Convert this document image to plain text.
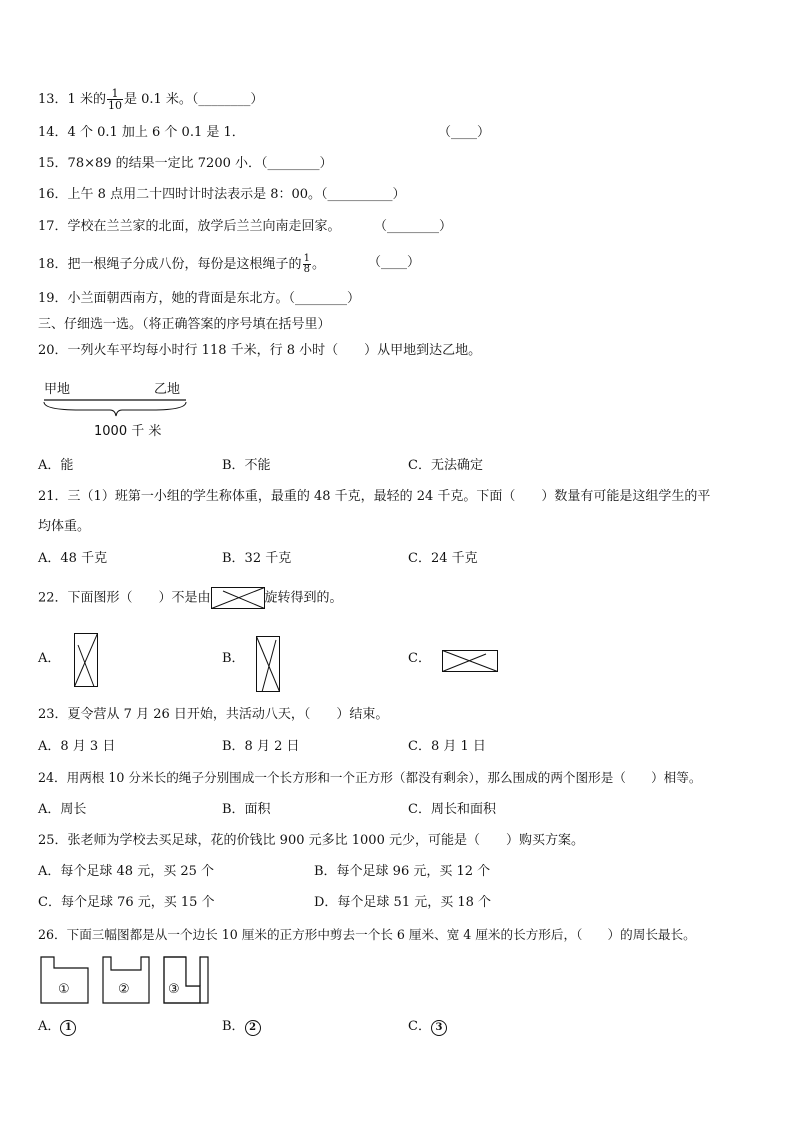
13．1 米的 $\frac{1}{10}$ 是 0.1 米。（________）
14．4 个 0.1 加上 6 个 0.1 是 1．	（____）
15．78×89 的结果一定比 7200 小．（________）
16．上午 8 点用二十四时计时法表示是 8：00。（__________）
17．学校在兰兰家的北面，放学后兰兰向南走回家。	（________）
18．把一根绳子分成八份，每份是这根绳子的 $\frac{1}{8}$ 。	（____）
19．小兰面朝西南方，她的背面是东北方。（________）
三、仔细选一选。（将正确答案的序号填在括号里）
20．一列火车平均每小时行 118 千米，行 8 小时（　　）从甲地到达乙地。
甲地	乙地
1000 千 米
A．能	B．不能	C．无法确定
21．三（1）班第一小组的学生称体重，最重的 48 千克，最轻的 24 千克。下面（　　）数量有可能是这组学生的平
均体重。
A．48 千克	B．32 千克	C．24 千克
22．下面图形（　　）不是由	旋转得到的。
A．	B．	C．
23．夏令营从 7 月 26 日开始，共活动八天，（　　）结束。
A．8 月 3 日	B．8 月 2 日	C．8 月 1 日
24．用两根 10 分米长的绳子分别围成一个长方形和一个正方形（都没有剩余），那么围成的两个图形是（　　）相等。
A．周长	B．面积	C．周长和面积
25．张老师为学校去买足球，花的价钱比 900 元多比 1000 元少，可能是（　　）购买方案。
A．每个足球 48 元，买 25 个	B．每个足球 96 元，买 12 个
C．每个足球 76 元，买 15 个	D．每个足球 51 元，买 18 个
26．下面三幅图都是从一个边长 10 厘米的正方形中剪去一个长 6 厘米、宽 4 厘米的长方形后，（　　）的周长最长。
①	②	③
A． 1	B． 2	C． 3
